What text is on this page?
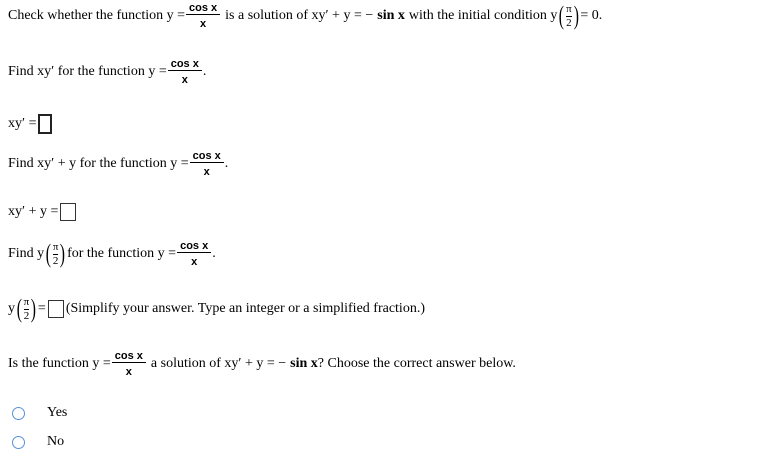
Check whether the function $y = \frac{\text{cos x}}{x}$ is a solution of xy′ + y = − sin x with the initial condition y ( π
2 ) = 0.
Find xy′ for the function $y = \frac{\text{cos x}}{x}$ .
xy′ =
Find xy′ + y for the function $y = \frac{\text{cos x}}{x}$ .
xy′ + y =
Find y ( π
2 ) for the function $y = \frac{\text{cos x}}{x}$ .
y ( π
2 ) = (Simplify your answer. Type an integer or a simplified fraction.)
Is the function $y = \frac{\text{cos x}}{x}$ a solution of xy′ + y = − sin x ? Choose the correct answer below.
Yes
No
